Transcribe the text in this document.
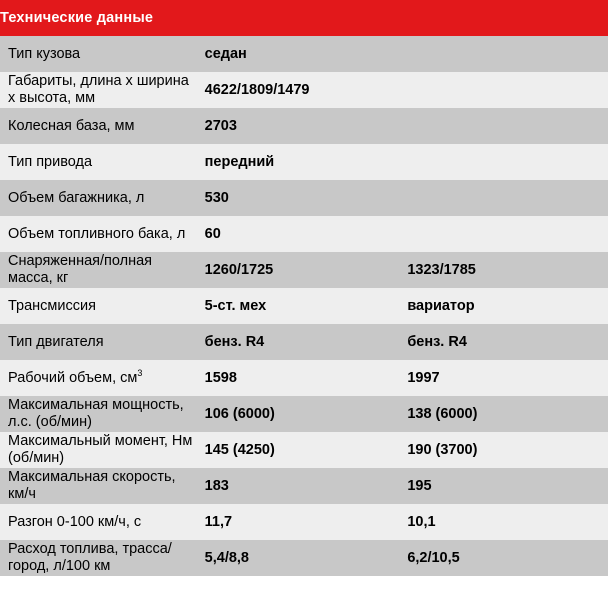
Технические данные		
Тип кузова	седан	
Габариты, длина х ширина х высота, мм	4622/1809/1479	
Колесная база, мм	2703	
Тип привода	передний	
Объем багажника, л	530	
Объем топливного бака, л	60	
Снаряженная/полная масса, кг	1260/1725	1323/1785
Трансмиссия	5-ст. мех	вариатор
Тип двигателя	бенз. R4	бенз. R4
Рабочий объем, $см^3$	1598	1997
Максимальная мощность, л.с. (об/мин)	106 (6000)	138 (6000)
Максимальный момент, Нм (об/мин)	145 (4250)	190 (3700)
Максимальная скорость, км/ч	183	195
Разгон 0-100 км/ч, с	11,7	10,1
Расход топлива, трасса/город, л/100 км	5,4/8,8	6,2/10,5
